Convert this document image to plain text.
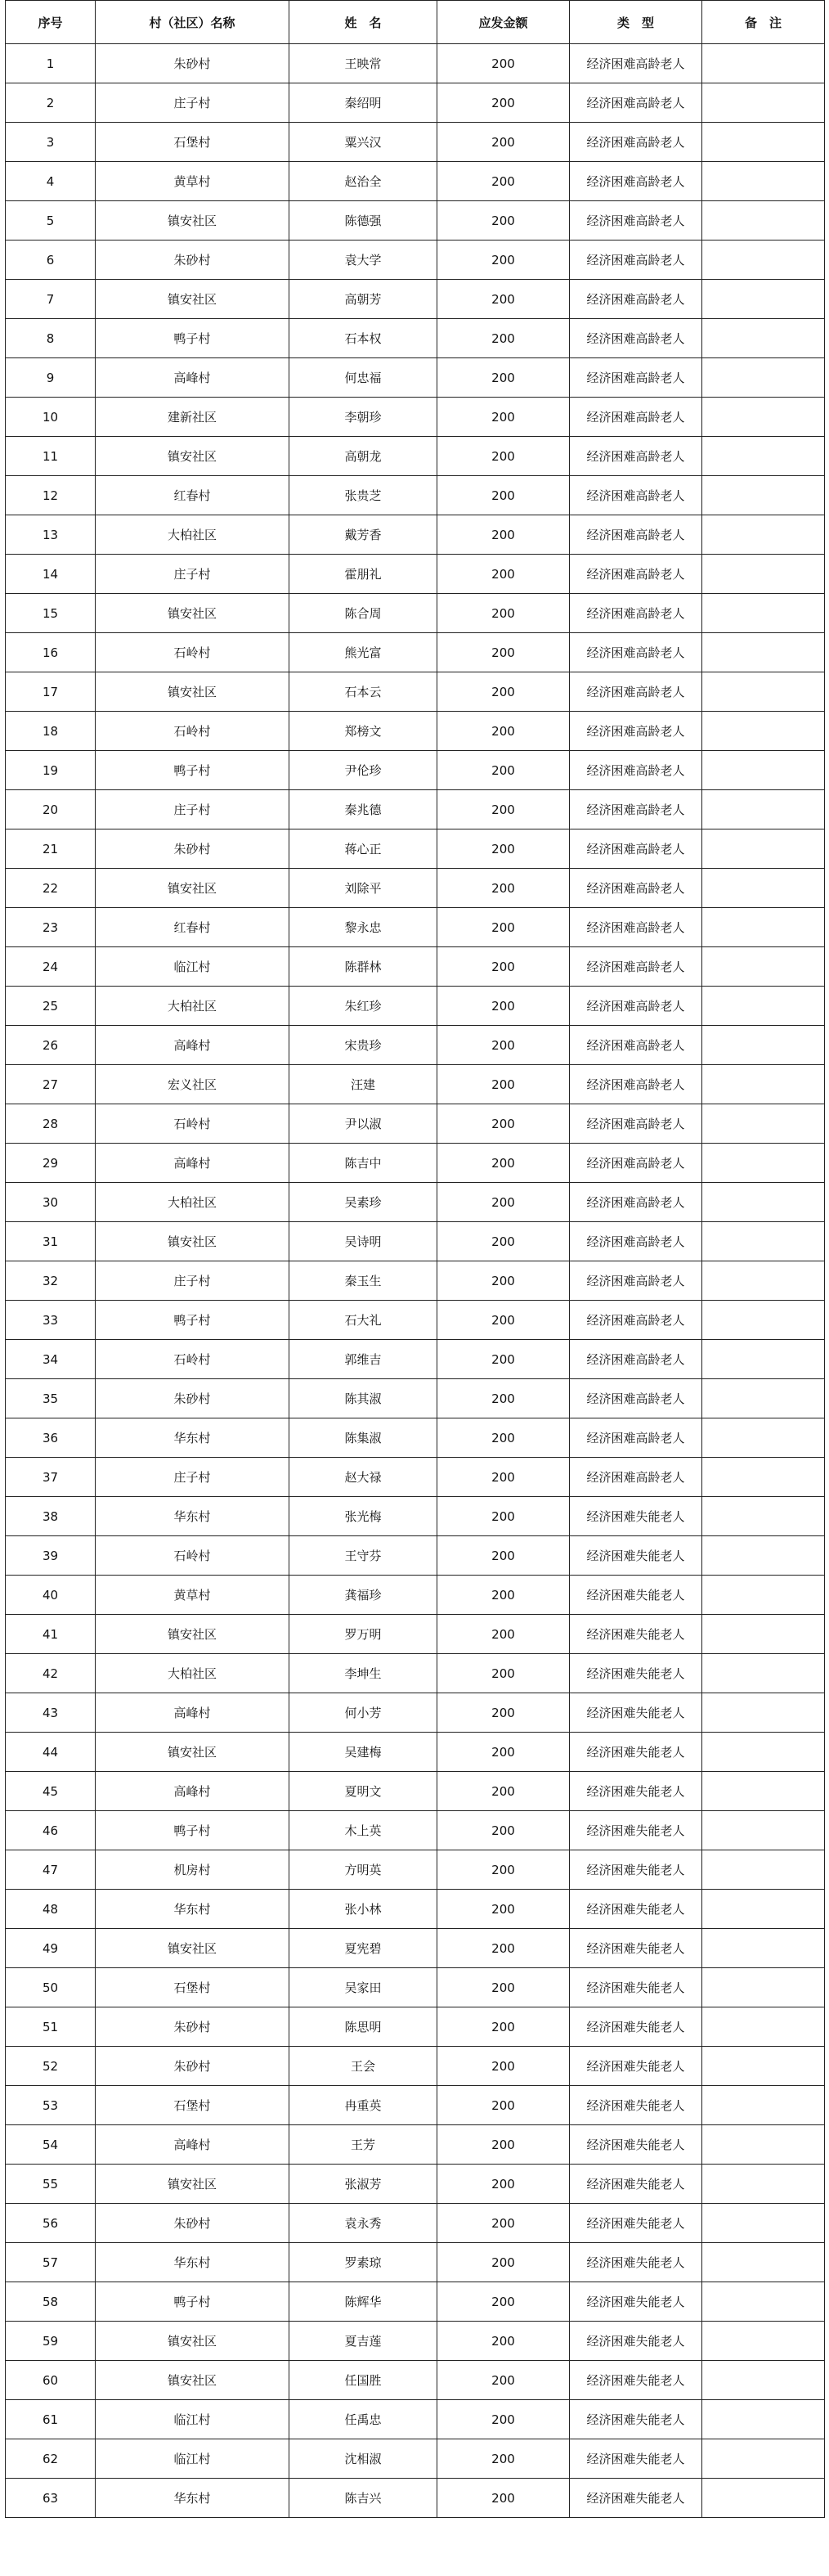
序号	村（社区）名称	姓　名	应发金额	类　型	备　注
1	朱砂村	王映常	200	经济困难高龄老人	
2	庄子村	秦绍明	200	经济困难高龄老人	
3	石堡村	粟兴汉	200	经济困难高龄老人	
4	黄草村	赵治全	200	经济困难高龄老人	
5	镇安社区	陈德强	200	经济困难高龄老人	
6	朱砂村	袁大学	200	经济困难高龄老人	
7	镇安社区	高朝芳	200	经济困难高龄老人	
8	鸭子村	石本权	200	经济困难高龄老人	
9	高峰村	何忠福	200	经济困难高龄老人	
10	建新社区	李朝珍	200	经济困难高龄老人	
11	镇安社区	高朝龙	200	经济困难高龄老人	
12	红春村	张贵芝	200	经济困难高龄老人	
13	大柏社区	戴芳香	200	经济困难高龄老人	
14	庄子村	霍朋礼	200	经济困难高龄老人	
15	镇安社区	陈合周	200	经济困难高龄老人	
16	石岭村	熊光富	200	经济困难高龄老人	
17	镇安社区	石本云	200	经济困难高龄老人	
18	石岭村	郑榜文	200	经济困难高龄老人	
19	鸭子村	尹伦珍	200	经济困难高龄老人	
20	庄子村	秦兆德	200	经济困难高龄老人	
21	朱砂村	蒋心正	200	经济困难高龄老人	
22	镇安社区	刘除平	200	经济困难高龄老人	
23	红春村	黎永忠	200	经济困难高龄老人	
24	临江村	陈群林	200	经济困难高龄老人	
25	大柏社区	朱红珍	200	经济困难高龄老人	
26	高峰村	宋贵珍	200	经济困难高龄老人	
27	宏义社区	汪建	200	经济困难高龄老人	
28	石岭村	尹以淑	200	经济困难高龄老人	
29	高峰村	陈吉中	200	经济困难高龄老人	
30	大柏社区	吴素珍	200	经济困难高龄老人	
31	镇安社区	吴诗明	200	经济困难高龄老人	
32	庄子村	秦玉生	200	经济困难高龄老人	
33	鸭子村	石大礼	200	经济困难高龄老人	
34	石岭村	郭维吉	200	经济困难高龄老人	
35	朱砂村	陈其淑	200	经济困难高龄老人	
36	华东村	陈集淑	200	经济困难高龄老人	
37	庄子村	赵大禄	200	经济困难高龄老人	
38	华东村	张光梅	200	经济困难失能老人	
39	石岭村	王守芬	200	经济困难失能老人	
40	黄草村	龚福珍	200	经济困难失能老人	
41	镇安社区	罗万明	200	经济困难失能老人	
42	大柏社区	李坤生	200	经济困难失能老人	
43	高峰村	何小芳	200	经济困难失能老人	
44	镇安社区	吴建梅	200	经济困难失能老人	
45	高峰村	夏明文	200	经济困难失能老人	
46	鸭子村	木上英	200	经济困难失能老人	
47	机房村	方明英	200	经济困难失能老人	
48	华东村	张小林	200	经济困难失能老人	
49	镇安社区	夏宪碧	200	经济困难失能老人	
50	石堡村	吴家田	200	经济困难失能老人	
51	朱砂村	陈思明	200	经济困难失能老人	
52	朱砂村	王会	200	经济困难失能老人	
53	石堡村	冉重英	200	经济困难失能老人	
54	高峰村	王芳	200	经济困难失能老人	
55	镇安社区	张淑芳	200	经济困难失能老人	
56	朱砂村	袁永秀	200	经济困难失能老人	
57	华东村	罗素琼	200	经济困难失能老人	
58	鸭子村	陈辉华	200	经济困难失能老人	
59	镇安社区	夏吉莲	200	经济困难失能老人	
60	镇安社区	任国胜	200	经济困难失能老人	
61	临江村	任禹忠	200	经济困难失能老人	
62	临江村	沈相淑	200	经济困难失能老人	
63	华东村	陈吉兴	200	经济困难失能老人	
